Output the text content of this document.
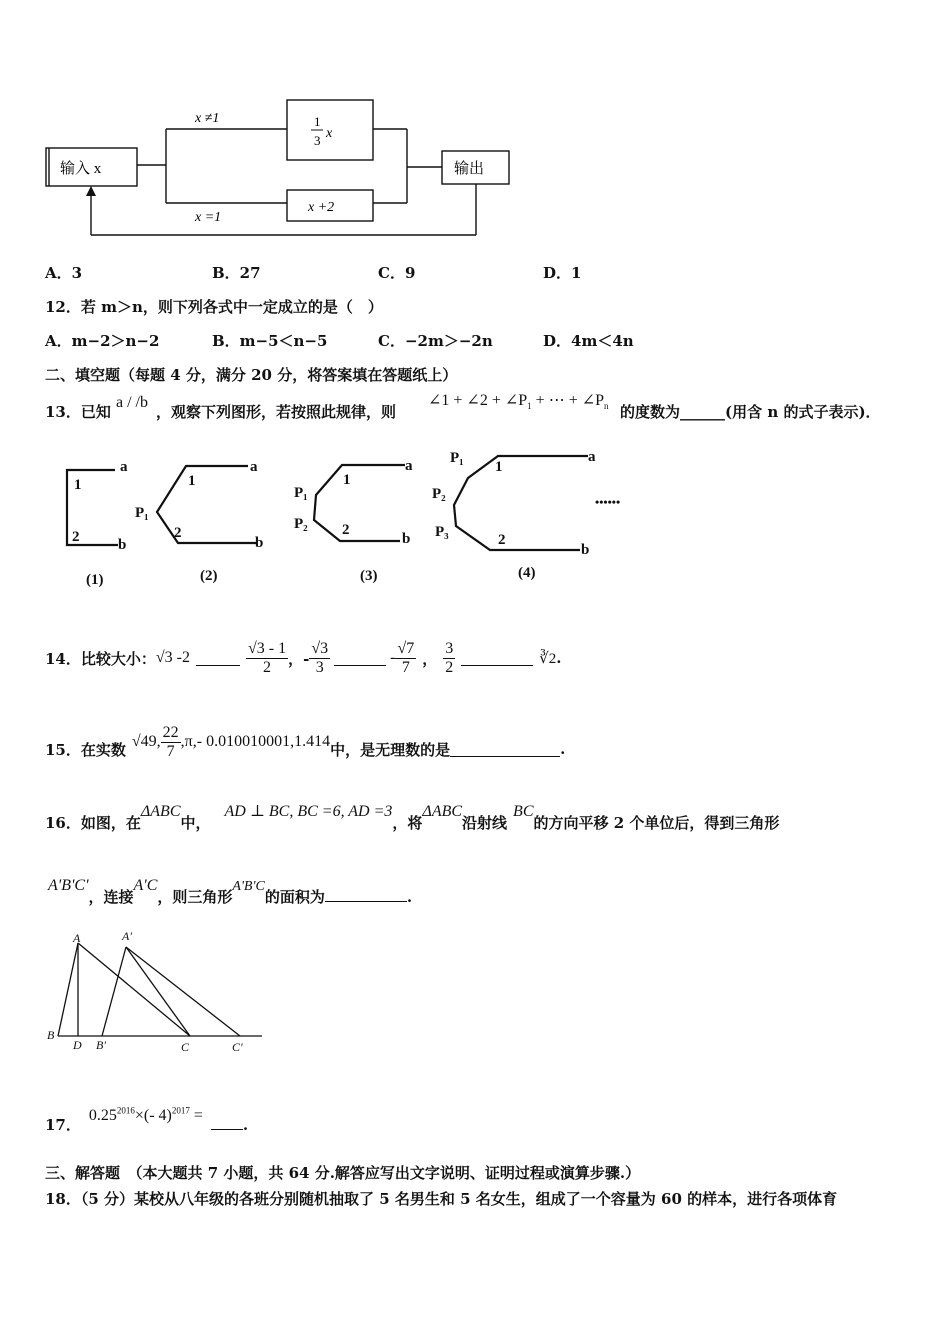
输入 x	输出
x ≠1
x =1
1
3 x
x +2
A．3	B．27	C．9	D．1
12．若 m＞n，则下列各式中一定成立的是（　）
A．m−2＞n−2	B．m−5＜n−5	C．−2m＞−2n	D．4m＜4n
二、填空题（每题 4 分，满分 20 分，将答案填在答题纸上）
13．已知
a / /b
，观察下列图形，若按照此规律，则
∠1 + ∠2 + $\angle P_1$ + ⋯ + $\angle P_n$ 的度数为______(用含 n 的式子表示)．
a
b
1
2
a
b
1
2
P₁
a
b
1
2
P₁
P₂
a
b
1
2
P₁
P₂
P₃
••••••
(1)	(2)	(3)	(4)
14．比较大小： √3 -2	$\frac{√3 - 1}{2}$ ，- $\frac{√3}{3}$	- $\frac{√7}{7}$ ， $\frac{3}{2}$	∛2 .
15．在实数 √49, $\frac{22}{7} ,\pi,-$ 0.010010001,1.414 中，是无理数的是	.
16．如图，在ΔABC中，AD ⊥ BC, BC =6, AD =3，将ΔABC沿射线BC的方向平移 2 个单位后，得到三角形
A'B'C'，连接A'C，则三角形A'B'C的面积为	.
A	A'
B
D B'	C	C'
17．$0.25^{2016}\times(-$ 4)$^{2017}$ =.
三、解答题　（本大题共 7 小题，共 64 分.解答应写出文字说明、证明过程或演算步骤.）
18．（5 分）某校从八年级的各班分别随机抽取了 5 名男生和 5 名女生，组成了一个容量为 60 的样本，进行各项体育
